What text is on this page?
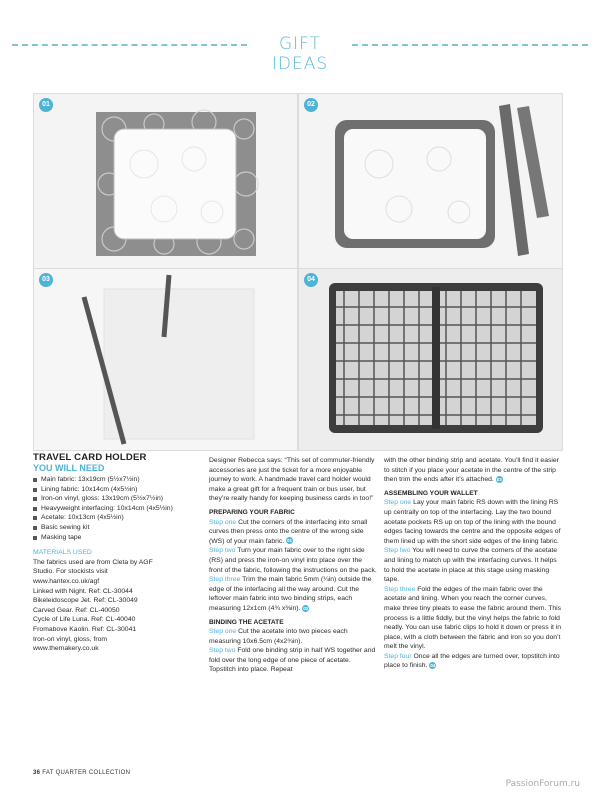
GIFT IDEAS
01	02
03	04
TRAVEL CARD HOLDER
YOU WILL NEED
Main fabric: 13x19cm (5½x7½in)
Lining fabric: 10x14cm (4x5½in)
Iron-on vinyl, gloss: 13x19cm (5½x7½in)
Heavyweight interfacing: 10x14cm (4x5½in)
Acetate: 10x13cm (4x5½in)
Basic sewing kit
Masking tape
MATERIALS USED

The fabrics used are from Cleta by AGF

Studio. For stockists visit

www.hantex.co.uk/agf

Linked with Night. Ref: CL-30044

Bikeleidoscope Jet. Ref: CL-30049

Carved Gear. Ref: CL-40050

Cycle of Life Luna. Ref: CL-40040

Fromabove Kaolin. Ref: CL-30041

Iron-on vinyl, gloss, from

www.themakery.co.uk

Designer Rebecca says: “This set of commuter-friendly accessories are just the ticket for a more enjoyable journey to work. A handmade travel card holder would make a great gift for a frequent train or bus user, but they’re really handy for keeping business cards in too!”

PREPARING YOUR FABRIC

Step one Cut the corners of the interfacing into small curves then press onto the centre of the wrong side (WS) of your main fabric. 01

Step two Turn your main fabric over to the right side (RS) and press the iron-on vinyl into place over the front of the fabric, following the instructions on the pack.

Step three Trim the main fabric 5mm (¼in) outside the edge of the interfacing all the way around. Cut the leftover main fabric into two binding strips, each measuring 12x1cm (4¾ x⅜in). 02

BINDING THE ACETATE

Step one Cut the acetate into two pieces each measuring 10x6.5cm (4x2¾in).

Step two Fold one binding strip in half WS together and fold over the long edge of one piece of acetate. Topstitch into place. Repeat

with the other binding strip and acetate. You’ll find it easier to stitch if you place your acetate in the centre of the strip then trim the ends after it’s attached. 03

ASSEMBLING YOUR WALLET

Step one Lay your main fabric RS down with the lining RS up centrally on top of the interfacing. Lay the two bound acetate pockets RS up on top of the lining with the bound edges facing towards the centre and the opposite edges of them lined up with the short side edges of the lining fabric.

Step two You will need to curve the corners of the acetate and lining to match up with the interfacing curves. It helps to hold the acetate in place at this stage using masking tape.

Step three Fold the edges of the main fabric over the acetate and lining. When you reach the corner curves, make three tiny pleats to ease the fabric around them. This process is a little fiddly, but the vinyl helps the fabric to fold neatly. You can use fabric clips to hold it down or press it in place, with a cloth between the fabric and iron so you don’t melt the vinyl.

Step four Once all the edges are turned over, topstitch into place to finish. 04

36 FAT QUARTER COLLECTION
PassionForum.ru
